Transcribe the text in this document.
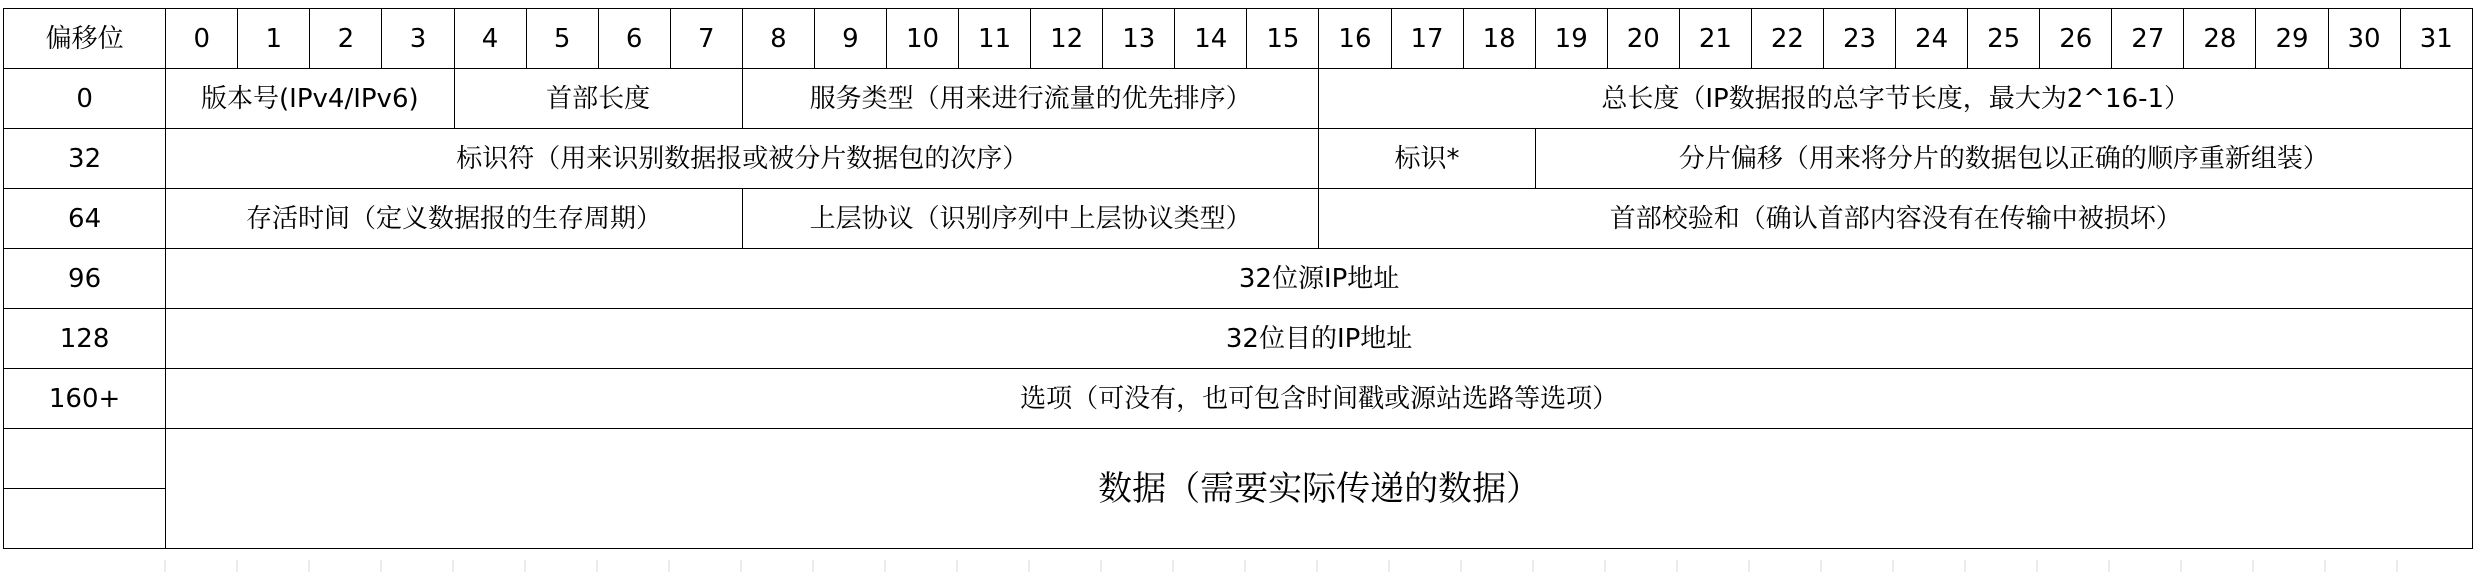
偏移位	0	1	2	3	4	5	6	7	8	9	10	11	12	13	14	15	16	17	18	19	20	21	22	23	24	25	26	27	28	29	30	31
0	版本号(IPv4/IPv6)				首部长度				服务类型（用来进行流量的优先排序）								总长度（IP数据报的总字节长度，最大为2^16-1）															
32	标识符（用来识别数据报或被分片数据包的次序）																标识*			分片偏移（用来将分片的数据包以正确的顺序重新组装）												
64	存活时间（定义数据报的生存周期）								上层协议（识别序列中上层协议类型）								首部校验和（确认首部内容没有在传输中被损坏）															
96	32位源IP地址																															
128	32位目的IP地址																															
160+	选项（可没有，也可包含时间戳或源站选路等选项）																															
	数据（需要实际传递的数据）																															
